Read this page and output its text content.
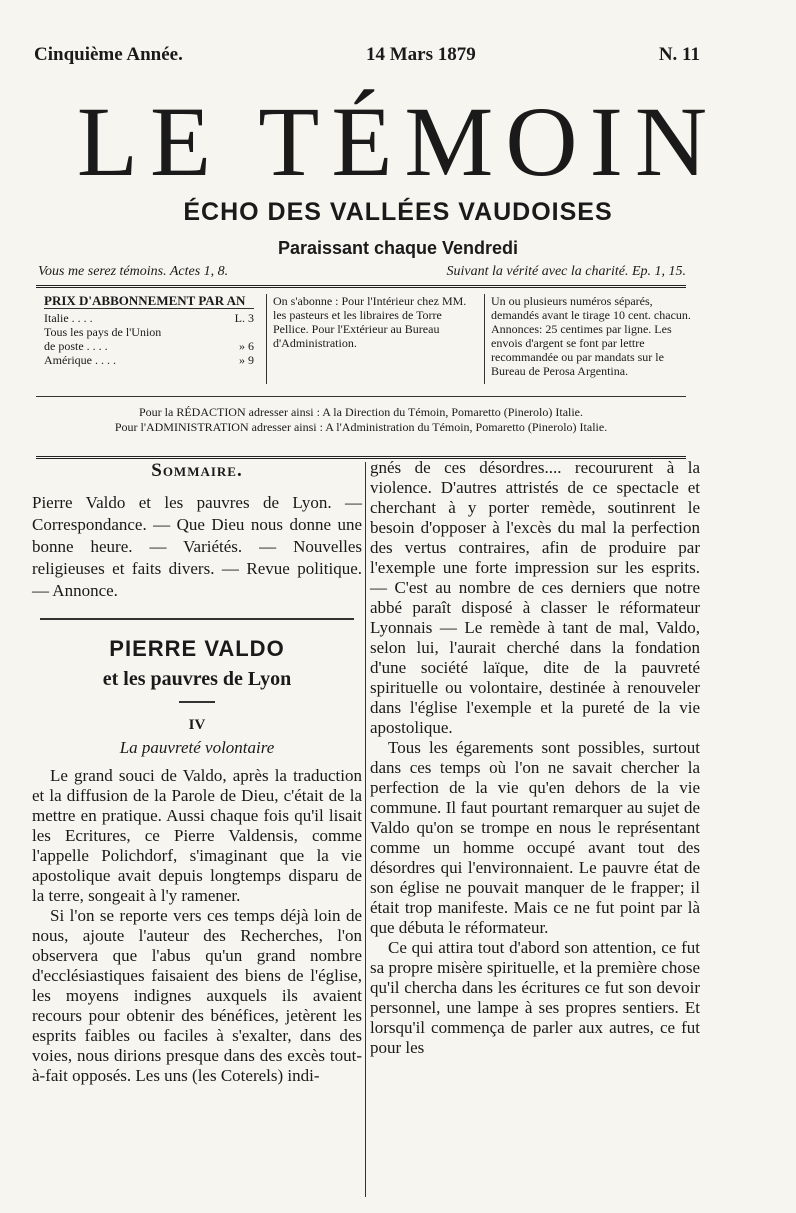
Cinquième Année.	14 Mars 1879	N. 11
LE TÉMOIN
ÉCHO DES VALLÉES VAUDOISES
Paraissant chaque Vendredi
Vous me serez témoins. Actes 1, 8.	Suivant la vérité avec la charité. Ep. 1, 15.
PRIX D'ABBONNEMENT PAR AN
Italie . . . .	L. 3
Tous les pays de l'Union
de poste . . . .	» 6
Amérique . . . .	» 9
On s'abonne : Pour l'Intérieur chez MM. les pasteurs et les libraires de Torre Pellice. Pour l'Extérieur au Bureau d'Administration.
Un ou plusieurs numéros séparés, demandés avant le tirage 10 cent. chacun. Annonces: 25 centimes par ligne. Les envois d'argent se font par lettre recommandée ou par mandats sur le Bureau de Perosa Argentina.
Pour la RÉDACTION adresser ainsi : A la Direction du Témoin, Pomaretto (Pinerolo) Italie.
Pour l'ADMINISTRATION adresser ainsi : A l'Administration du Témoin, Pomaretto (Pinerolo) Italie.
Sommaire.

Pierre Valdo et les pauvres de Lyon. — Correspondance. — Que Dieu nous donne une bonne heure. — Variétés. — Nouvelles religieuses et faits divers. — Revue politique. — Annonce.

PIERRE VALDO
et les pauvres de Lyon
IV
La pauvreté volontaire

Le grand souci de Valdo, après la traduction et la diffusion de la Parole de Dieu, c'était de la mettre en pratique. Aussi chaque fois qu'il lisait les Ecritures, ce Pierre Valdensis, comme l'appelle Polichdorf, s'imaginant que la vie apostolique avait depuis longtemps disparu de la terre, songeait à l'y ramener.

Si l'on se reporte vers ces temps déjà loin de nous, ajoute l'auteur des Recherches, l'on observera que l'abus qu'un grand nombre d'ecclésiastiques faisaient des biens de l'église, les moyens indignes auxquels ils avaient recours pour obtenir des bénéfices, jetèrent les esprits faibles ou faciles à s'exalter, dans des voies, nous dirions presque dans des excès tout-à-fait opposés. Les uns (les Coterels) indi-

gnés de ces désordres.... recoururent à la violence. D'autres attristés de ce spectacle et cherchant à y porter remède, soutinrent le besoin d'opposer à l'excès du mal la perfection des vertus contraires, afin de produire par l'exemple une forte impression sur les esprits. — C'est au nombre de ces derniers que notre abbé paraît disposé à classer le réformateur Lyonnais — Le remède à tant de mal, Valdo, selon lui, l'aurait cherché dans la fondation d'une société laïque, dite de la pauvreté spirituelle ou volontaire, destinée à renouveler dans l'église l'exemple et la pureté de la vie apostolique.

Tous les égarements sont possibles, surtout dans ces temps où l'on ne savait chercher la perfection de la vie qu'en dehors de la vie commune. Il faut pourtant remarquer au sujet de Valdo qu'on se trompe en nous le représentant comme un homme occupé avant tout des désordres qui l'environnaient. Le pauvre état de son église ne pouvait manquer de le frapper; il était trop manifeste. Mais ce ne fut point par là que débuta le réformateur.

Ce qui attira tout d'abord son attention, ce fut sa propre misère spirituelle, et la première chose qu'il chercha dans les écritures ce fut son devoir personnel, une lampe à ses propres sentiers. Et lorsqu'il commença de parler aux autres, ce fut pour les
